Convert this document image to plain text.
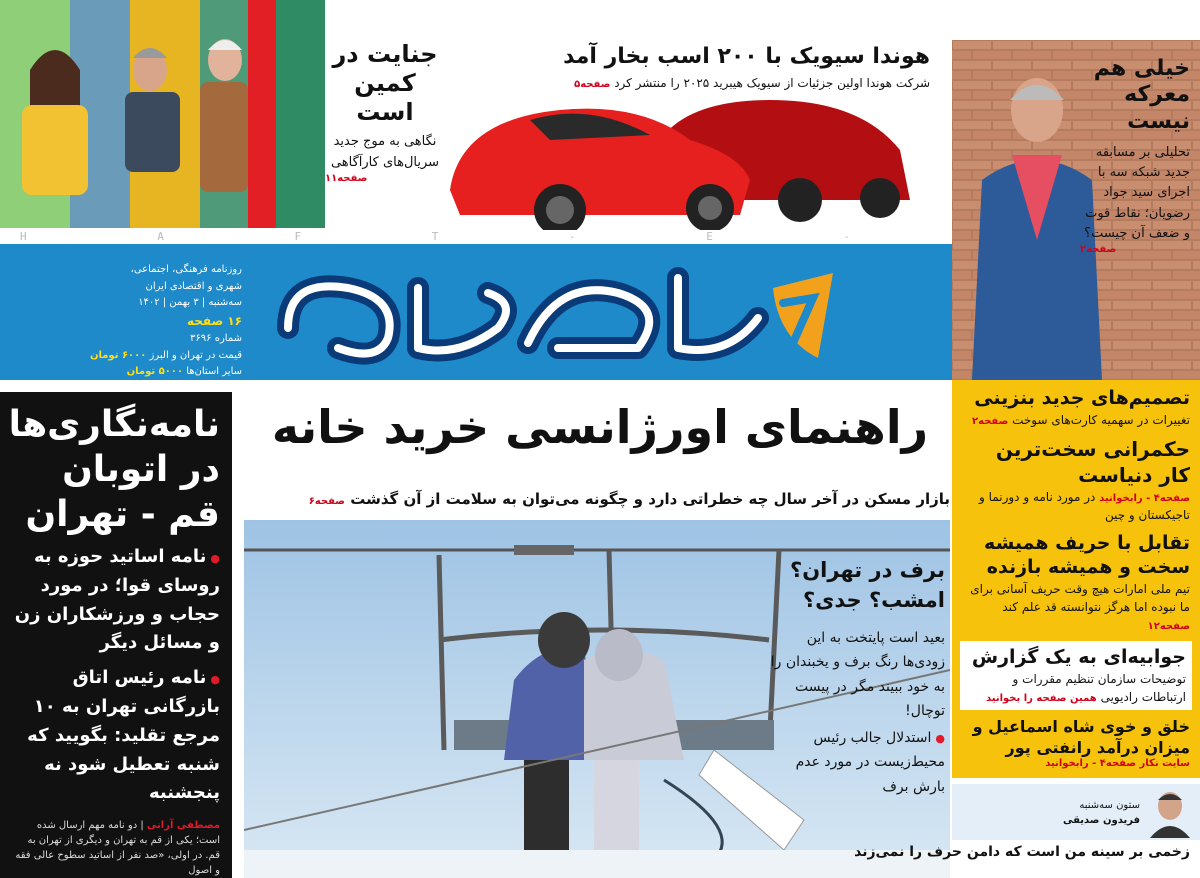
جنایت در کمین است
نگاهی به موج جدید سریال‌های کارآگاهی
صفحه۱۱
هوندا سیویک با ۲۰۰ اسب بخار آمد
شرکت هوندا اولین جزئیات از سیویک هیبرید ۲۰۲۵ را منتشر کرد صفحه۵
خیلی هم معرکه نیست
تحلیلی بر مسابقه جدید شبکه سه با اجرای سید جواد رضویان؛ نقاط قوت و ضعف آن چیست؟
صفحه۲
H A F T - E -
روزنامه فرهنگی، اجتماعی،
شهری و اقتصادی ایران
سه‌شنبه | ۳ بهمن | ۱۴۰۲
۱۶ صفحه
شماره ۳۶۹۶
قیمت در تهران و البرز ۶۰۰۰ تومان
سایر استان‌ها ۵۰۰۰ تومان
راهنمای اورژانسی خرید خانه
بازار مسکن در آخر سال چه خطراتی دارد و چگونه می‌توان به سلامت از آن گذشت صفحه۶
نامه‌نگاری‌ها در اتوبان قم - تهران
● نامه اساتید حوزه به روسای قوا؛ در مورد حجاب و ورزشکاران زن و مسائل دیگر
● نامه رئیس اتاق بازرگانی تهران به ۱۰ مرجع تقلید: بگویید که شنبه تعطیل شود نه پنجشنبه
مصطفی آرانی | دو نامه مهم ارسال شده است؛ یکی از قم به تهران و دیگری از تهران به قم. در اولی، «صد نفر از اساتید سطوح عالی فقه و اصول
برف در تهران؟ امشب؟ جدی؟
بعید است پایتخت به این زودی‌ها رنگ برف و یخبندان را به خود ببیند مگر در پیست توچال!
● استدلال جالب رئیس محیط‌زیست در مورد عدم بارش برف
تصمیم‌های جدید بنزینی
تغییرات در سهمیه کارت‌های سوخت صفحه۲
حکمرانی سخت‌ترین کار دنیاست
صفحه۴ - رابخوانید در مورد نامه و دورنما و تاجیکستان و چین
تقابل با حریف همیشه سخت و همیشه بازنده
تیم ملی امارات هیچ وقت حریف آسانی برای ما نبوده اما هرگز نتوانسته قد علم کند صفحه۱۲
جوابیه‌ای به یک گزارش
توضیحات سازمان تنظیم مقررات و ارتباطات رادیویی همین صفحه را بخوانید
خلق و خوی شاه اسماعیل و میزان درآمد رانفتی پور
سایت نکار صفحه۴ - رابخوانید
ستون سه‌شنبه
فریدون صدیقی
زخمی بر سینه من است که دامن حرف را نمی‌زند
